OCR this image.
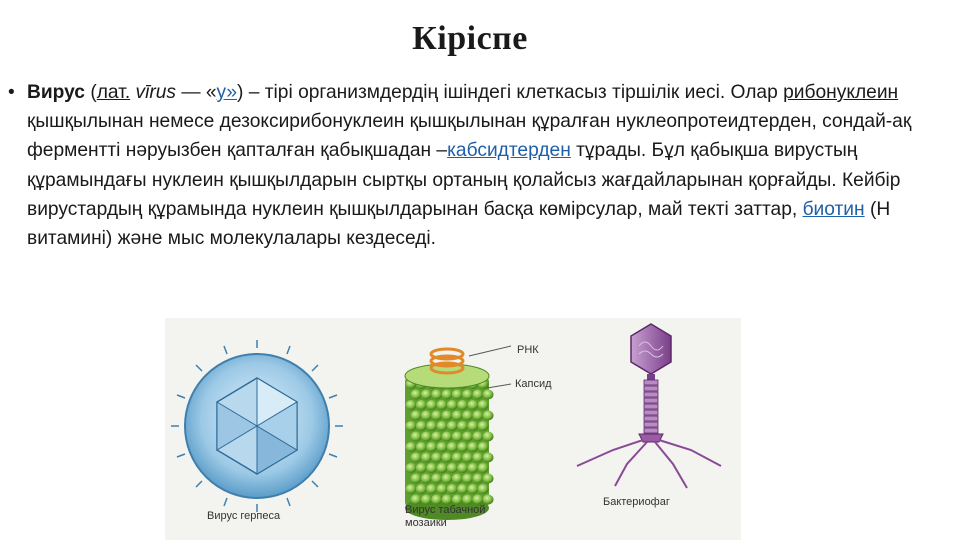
Кіріспе
• Вирус (лат. vīrus — «у») – тірі организмдердің ішіндегі клеткасыз тіршілік иесі. Олар рибонуклеин қышқылынан немесе дезоксирибонуклеин қышқылынан құралған нуклеопротеидтерден, сондай-ақ ферментті нәруызбен қапталған қабықшадан –кабсидтерден тұрады. Бұл қабықша вирустың құрамындағы нуклеин қышқылдарын сыртқы ортаның қолайсыз жағдайларынан қорғайды. Кейбір вирустардың құрамында нуклеин қышқылдарынан басқа көмірсулар, май текті заттар, биотин (H витамині) және мыс молекулалары кездеседі.
РНК
Капсид
Вирус герпеса	Вирус табачной
мозаики
Бактериофаг
